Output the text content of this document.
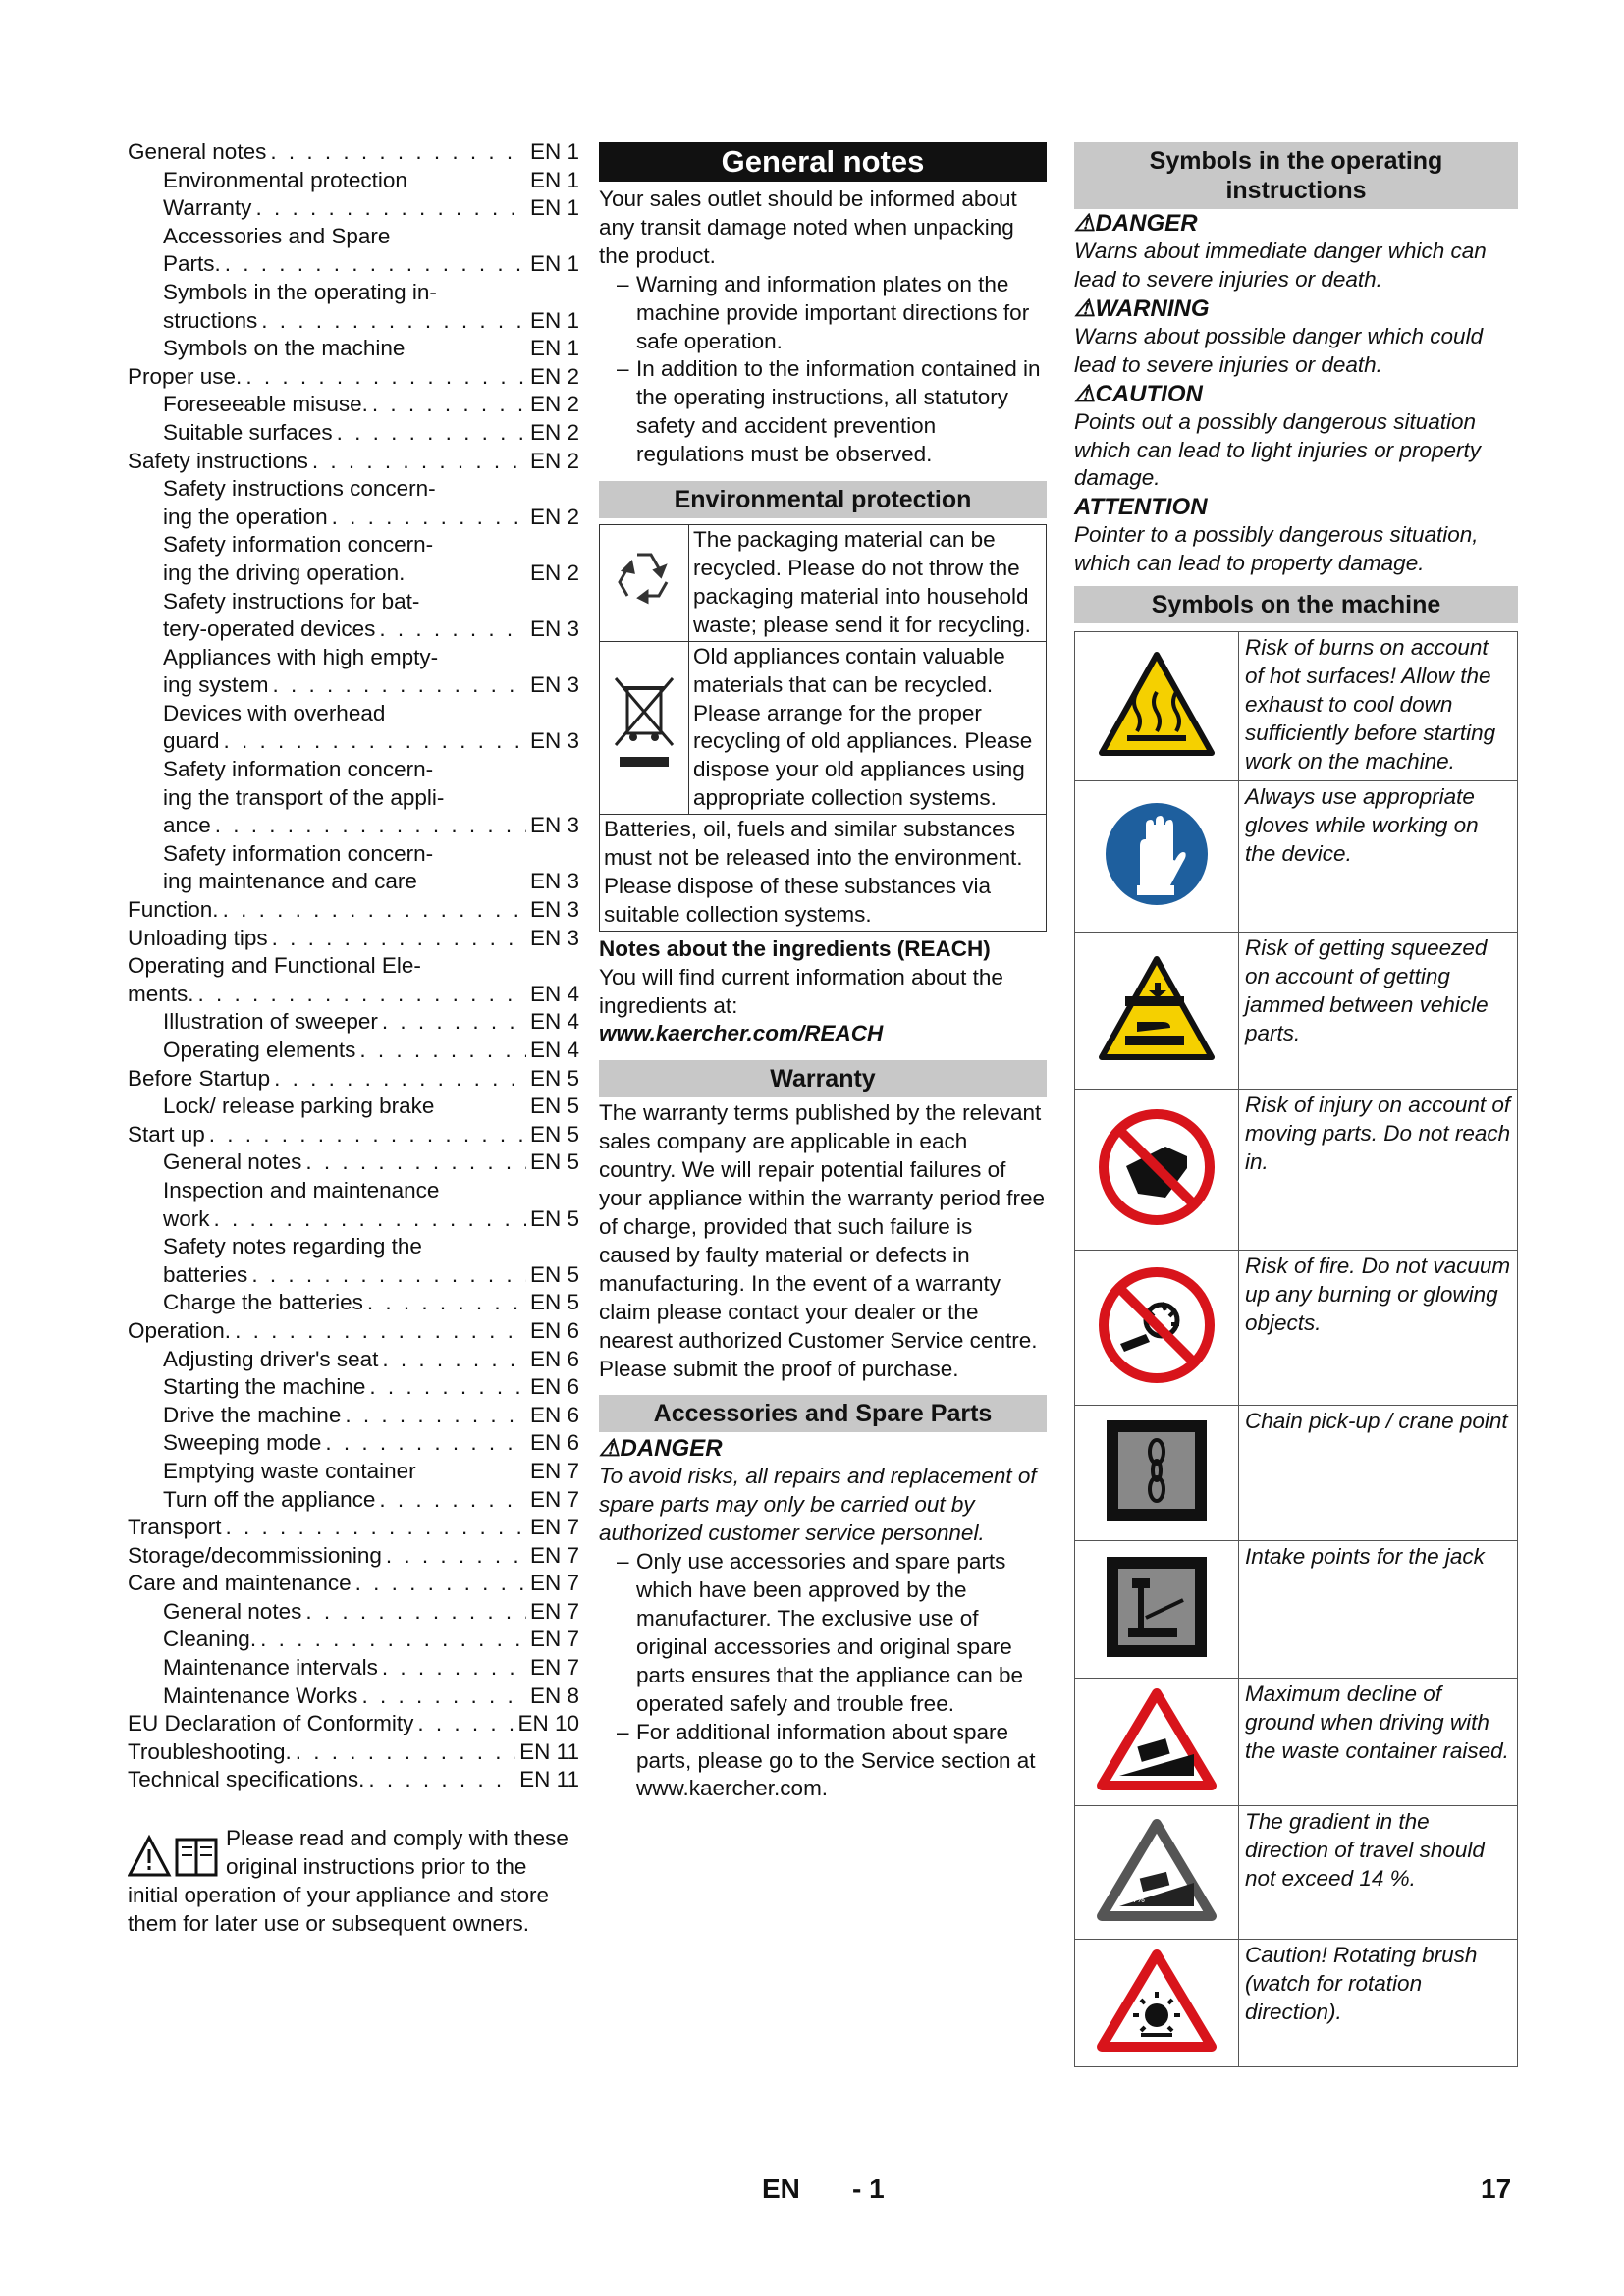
General notes . . .	EN 1
Environmental protection	EN 1
Warranty . . .	EN 1
Accessories and Spare
Parts. . . .	EN 1
Symbols in the operating in-
structions . . .	EN 1
Symbols on the machine	EN 1
Proper use. . . .	EN 2
Foreseeable misuse. . . .	EN 2
Suitable surfaces . . .	EN 2
Safety instructions . . .	EN 2
Safety instructions concern-
ing the operation . . .	EN 2
Safety information concern-
ing the driving operation.	EN 2
Safety instructions for bat-
tery-operated devices . . .	EN 3
Appliances with high empty-
ing system . . .	EN 3
Devices with overhead
guard . . .	EN 3
Safety information concern-
ing the transport of the appli-
ance . . .	EN 3
Safety information concern-
ing maintenance and care	EN 3
Function. . . .	EN 3
Unloading tips . . .	EN 3
Operating and Functional Ele-
ments. . . .	EN 4
Illustration of sweeper . . .	EN 4
Operating elements . . .	EN 4
Before Startup . . .	EN 5
Lock/ release parking brake	EN 5
Start up . . .	EN 5
General notes . . .	EN 5
Inspection and maintenance
work . . .	EN 5
Safety notes regarding the
batteries . . .	EN 5
Charge the batteries . . .	EN 5
Operation. . . .	EN 6
Adjusting driver's seat . . .	EN 6
Starting the machine . . .	EN 6
Drive the machine . . .	EN 6
Sweeping mode . . .	EN 6
Emptying waste container	EN 7
Turn off the appliance . . .	EN 7
Transport . . .	EN 7
Storage/decommissioning . . .	EN 7
Care and maintenance . . .	EN 7
General notes . . .	EN 7
Cleaning. . . .	EN 7
Maintenance intervals . . .	EN 7
Maintenance Works . . .	EN 8
EU Declaration of Conformity . . .	EN 10
Troubleshooting. . . .	EN 11
Technical specifications. . . .	EN 11
Please read and comply with these original instructions prior to the initial operation of your appliance and store them for later use or subsequent owners.
General notes
Your sales outlet should be informed about any transit damage noted when unpacking the product.
– Warning and information plates on the machine provide important directions for safe operation.
– In addition to the information contained in the operating instructions, all statutory safety and accident prevention regulations must be observed.
Environmental protection
	The packaging material can be recycled. Please do not throw the packaging material into household waste; please send it for recycling.
	Old appliances contain valuable materials that can be recycled. Please arrange for the proper recycling of old appliances. Please dispose your old appliances using appropriate collection systems.
Batteries, oil, fuels and similar substances must not be released into the environment. Please dispose of these substances via suitable collection systems.	
Notes about the ingredients (REACH)
You will find current information about the ingredients at:
www.kaercher.com/REACH
Warranty
The warranty terms published by the relevant sales company are applicable in each country. We will repair potential failures of your appliance within the warranty period free of charge, provided that such failure is caused by faulty material or defects in manufacturing. In the event of a warranty claim please contact your dealer or the nearest authorized Customer Service centre. Please submit the proof of purchase.
Accessories and Spare Parts
⚠DANGER
To avoid risks, all repairs and replacement of spare parts may only be carried out by authorized customer service personnel.
– Only use accessories and spare parts which have been approved by the manufacturer. The exclusive use of original accessories and original spare parts ensures that the appliance can be operated safely and trouble free.
– For additional information about spare parts, please go to the Service section at www.kaercher.com.
Symbols in the operating instructions
⚠DANGER
Warns about immediate danger which can lead to severe injuries or death.
⚠WARNING
Warns about possible danger which could lead to severe injuries or death.
⚠CAUTION
Points out a possibly dangerous situation which can lead to light injuries or property damage.
ATTENTION
Pointer to a possibly dangerous situation, which can lead to property damage.
Symbols on the machine
	Risk of burns on account of hot surfaces! Allow the exhaust to cool down sufficiently before starting work on the machine.
	Always use appropriate gloves while working on the device.
	Risk of getting squeezed on account of getting jammed between vehicle parts.
	Risk of injury on account of moving parts. Do not reach in.
	Risk of fire. Do not vacuum up any burning or glowing objects.
	Chain pick-up / crane point
	Intake points for the jack
	Maximum decline of ground when driving with the waste container raised.

14%	The gradient in the direction of travel should not exceed 14 %.
	Caution! Rotating brush (watch for rotation direction).
EN - 1	17
